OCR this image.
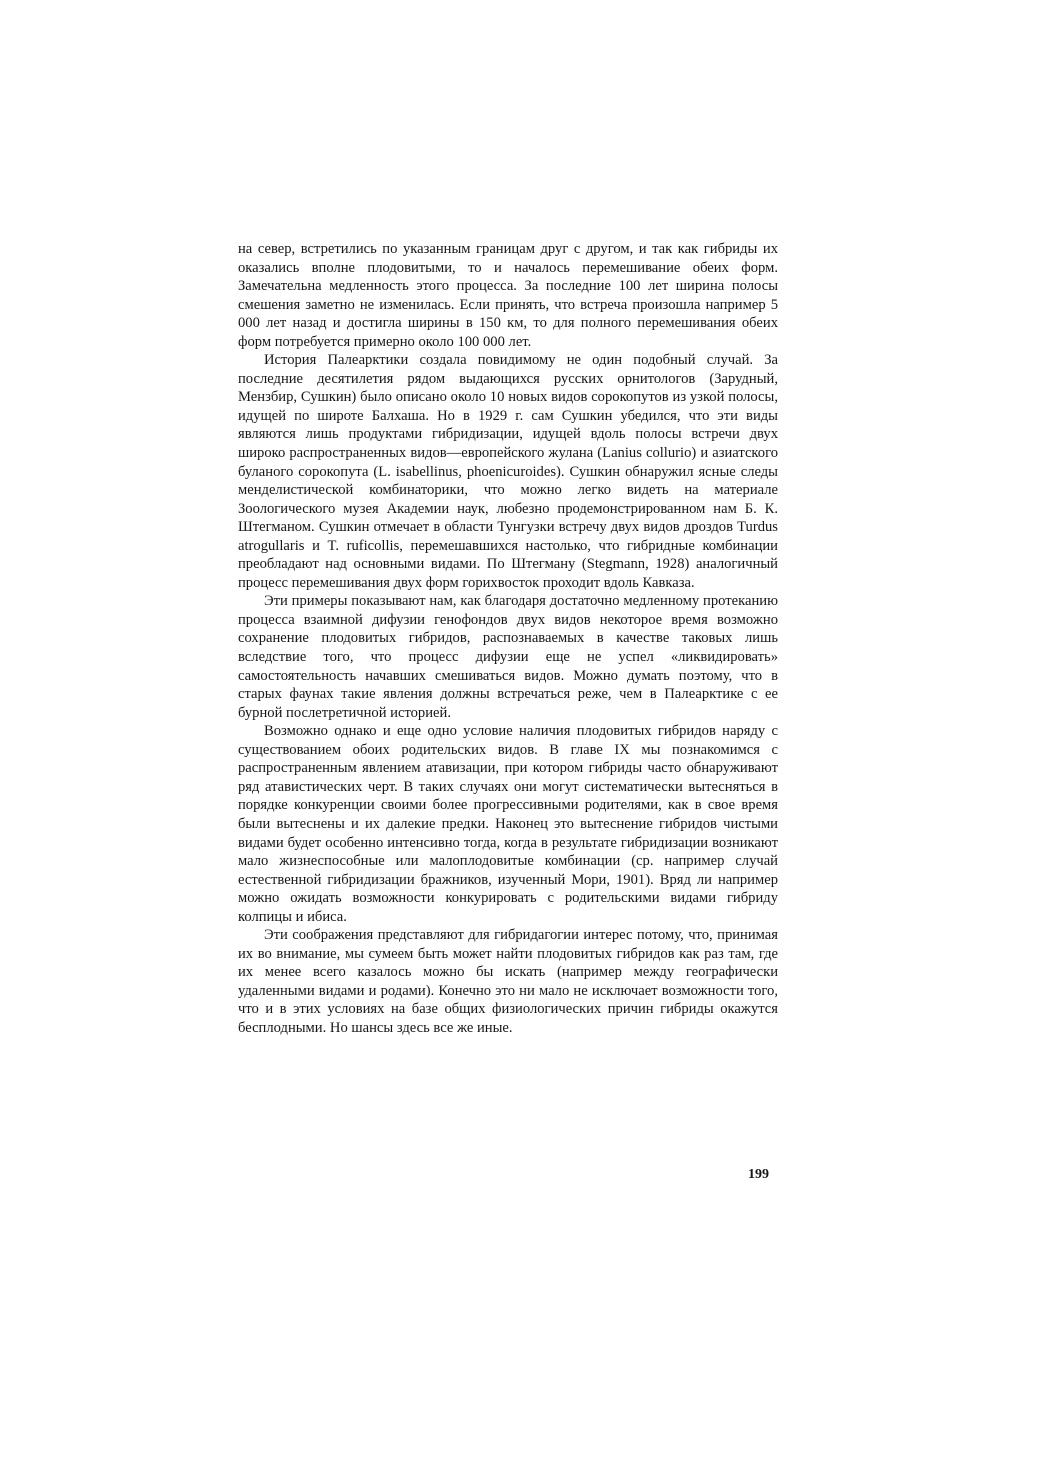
на север, встретились по указанным границам друг с другом, и так как гибриды их оказались вполне плодовитыми, то и началось перемешивание обеих форм. Замечательна медленность этого процесса. За последние 100 лет ширина полосы смешения заметно не изменилась. Если принять, что встреча произошла например 5 000 лет назад и достигла ширины в 150 км, то для полного перемешивания обеих форм потребуется примерно около 100 000 лет.

История Палеарктики создала повидимому не один подобный случай. За последние десятилетия рядом выдающихся русских орнитологов (Зарудный, Мензбир, Сушкин) было описано около 10 новых видов сорокопутов из узкой полосы, идущей по широте Балхаша. Но в 1929 г. сам Сушкин убедился, что эти виды являются лишь продуктами гибридизации, идущей вдоль полосы встречи двух широко распространенных видов—европейского жулана (Lanius collurio) и азиатского буланого сорокопута (L. isabellinus, phoenicuroides). Сушкин обнаружил ясные следы менделистической комбинаторики, что можно легко видеть на материале Зоологического музея Академии наук, любезно продемонстрированном нам Б. К. Штегманом. Сушкин отмечает в области Тунгузки встречу двух видов дроздов Turdus atrogullaris и T. ruficollis, перемешавшихся настолько, что гибридные комбинации преобладают над основными видами. По Штегману (Stegmann, 1928) аналогичный процесс перемешивания двух форм горихвосток проходит вдоль Кавказа.

Эти примеры показывают нам, как благодаря достаточно медленному протеканию процесса взаимной дифузии генофондов двух видов некоторое время возможно сохранение плодовитых гибридов, распознаваемых в качестве таковых лишь вследствие того, что процесс дифузии еще не успел «ликвидировать» самостоятельность начавших смешиваться видов. Можно думать поэтому, что в старых фаунах такие явления должны встречаться реже, чем в Палеарктике с ее бурной послетретичной историей.

Возможно однако и еще одно условие наличия плодовитых гибридов наряду с существованием обоих родительских видов. В главе IX мы познакомимся с распространенным явлением атавизации, при котором гибриды часто обнаруживают ряд атавистических черт. В таких случаях они могут систематически вытесняться в порядке конкуренции своими более прогрессивными родителями, как в свое время были вытеснены и их далекие предки. Наконец это вытеснение гибридов чистыми видами будет особенно интенсивно тогда, когда в результате гибридизации возникают мало жизнеспособные или малоплодовитые комбинации (ср. например случай естественной гибридизации бражников, изученный Мори, 1901). Вряд ли например можно ожидать возможности конкурировать с родительскими видами гибриду колпицы и ибиса.

Эти соображения представляют для гибридагогии интерес потому, что, принимая их во внимание, мы сумеем быть может найти плодовитых гибридов как раз там, где их менее всего казалось можно бы искать (например между географически удаленными видами и родами). Конечно это ни мало не исключает возможности того, что и в этих условиях на базе общих физиологических причин гибриды окажутся бесплодными. Но шансы здесь все же иные.

199
